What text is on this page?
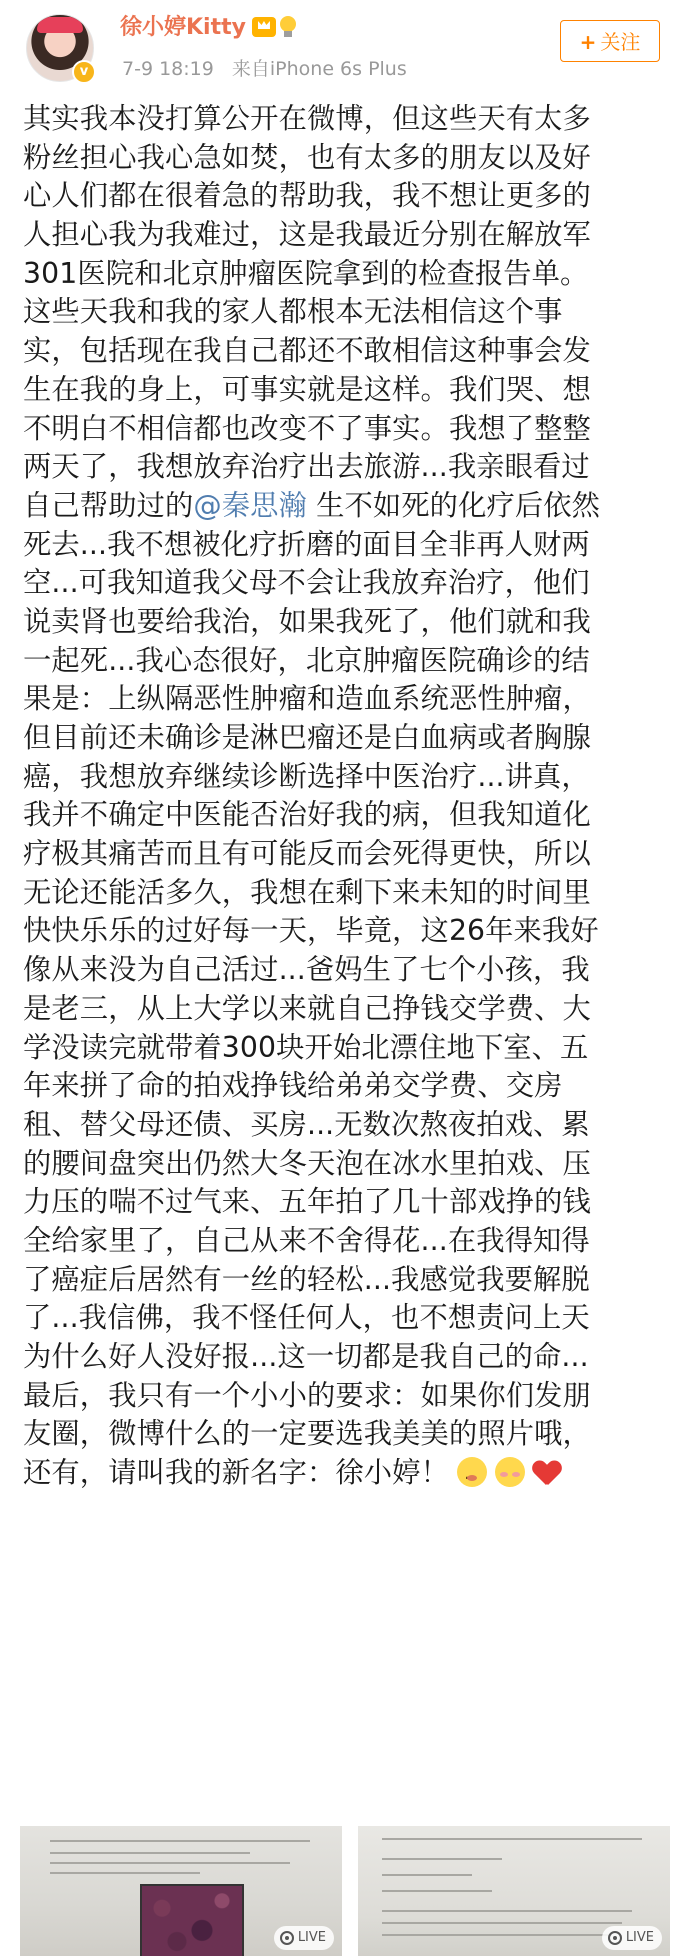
v
徐小婷Kitty
7-9 18:19 来自iPhone 6s Plus
+ 关注
其实我本没打算公开在微博，但这些天有太多
粉丝担心我心急如焚，也有太多的朋友以及好
心人们都在很着急的帮助我，我不想让更多的
人担心我为我难过，这是我最近分别在解放军
301医院和北京肿瘤医院拿到的检查报告单。
这些天我和我的家人都根本无法相信这个事
实，包括现在我自己都还不敢相信这种事会发
生在我的身上，可事实就是这样。我们哭、想
不明白不相信都也改变不了事实。我想了整整
两天了，我想放弃治疗出去旅游...我亲眼看过
自己帮助过的@秦思瀚 生不如死的化疗后依然
死去...我不想被化疗折磨的面目全非再人财两
空...可我知道我父母不会让我放弃治疗，他们
说卖肾也要给我治，如果我死了，他们就和我
一起死...我心态很好，北京肿瘤医院确诊的结
果是：上纵隔恶性肿瘤和造血系统恶性肿瘤，
但目前还未确诊是淋巴瘤还是白血病或者胸腺
癌，我想放弃继续诊断选择中医治疗...讲真，
我并不确定中医能否治好我的病，但我知道化
疗极其痛苦而且有可能反而会死得更快，所以
无论还能活多久，我想在剩下来未知的时间里
快快乐乐的过好每一天，毕竟，这26年来我好
像从来没为自己活过...爸妈生了七个小孩，我
是老三，从上大学以来就自己挣钱交学费、大
学没读完就带着300块开始北漂住地下室、五
年来拼了命的拍戏挣钱给弟弟交学费、交房
租、替父母还债、买房...无数次熬夜拍戏、累
的腰间盘突出仍然大冬天泡在冰水里拍戏、压
力压的喘不过气来、五年拍了几十部戏挣的钱
全给家里了，自己从来不舍得花...在我得知得
了癌症后居然有一丝的轻松...我感觉我要解脱
了...我信佛，我不怪任何人，也不想责问上天
为什么好人没好报...这一切都是我自己的命...
最后，我只有一个小小的要求：如果你们发朋
友圈，微博什么的一定要选我美美的照片哦，
还有，请叫我的新名字：徐小婷！‥
LIVE	LIVE
